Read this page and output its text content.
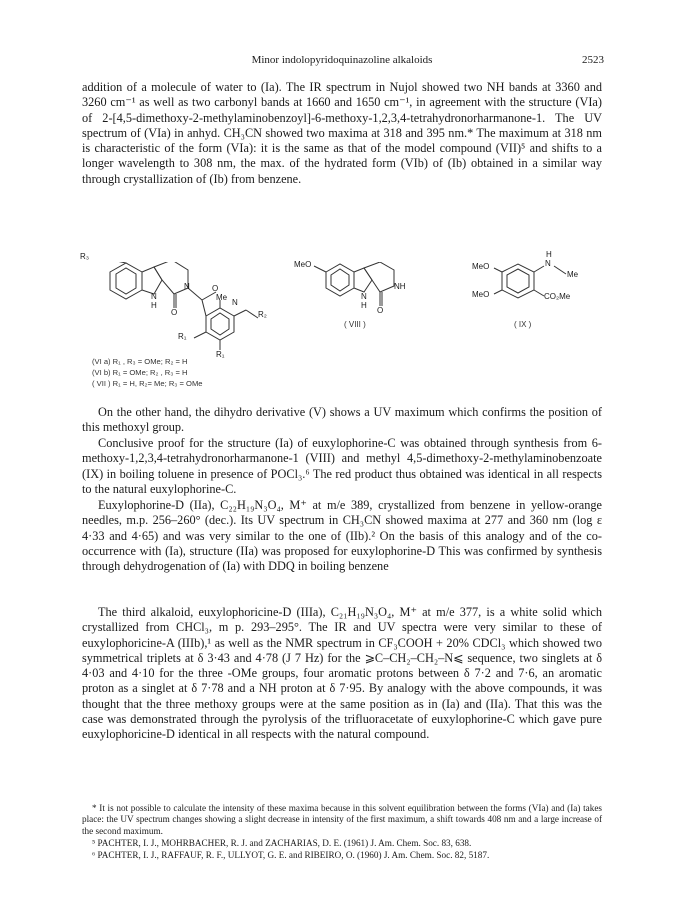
Minor indolopyridoquinazoline alkaloids	2523

addition of a molecule of water to (Ia). The IR spectrum in Nujol showed two NH bands at 3360 and 3260 cm⁻¹ as well as two carbonyl bands at 1660 and 1650 cm⁻¹, in agreement with the structure (VIa) of 2-[4,5-dimethoxy-2-methylaminobenzoyl]-6-methoxy-1,2,3,4-tetrahydronorharmanone-1. The UV spectrum of (VIa) in anhyd. CH₃CN showed two maxima at 318 and 395 nm.* The maximum at 318 nm is characteristic of the form (VIa): it is the same as that of the model compound (VII)⁵ and shifts to a longer wavelength to 308 nm, the max. of the hydrated form (VIb) of (Ib) obtained in a similar way through crystallization of (Ib) from benzene.

R₃
N	O
Me
N
H
O
N
R₂
R₁
R₁
MeO
NH
N
H
O
( VIII )
MeO
MeO
H
N
Me
CO₂Me
( IX )
(VI a) R₁ , R₃ = OMe; R₂ = H
(VI b) R₁ = OMe; R₂ , R₃ = H
( VII ) R₁ = H, R₂= Me; R₃ = OMe

On the other hand, the dihydro derivative (V) shows a UV maximum which confirms the position of this methoxyl group.

Conclusive proof for the structure (Ia) of euxylophorine-C was obtained through synthesis from 6-methoxy-1,2,3,4-tetrahydronorharmanone-1 (VIII) and methyl 4,5-dimethoxy-2-methylaminobenzoate (IX) in boiling toluene in presence of POCl₃.⁶ The red product thus obtained was identical in all respects to the natural euxylophorine-C.

Euxylophorine-D (IIa), C₂₂H₁₉N₃O₄, M⁺ at m/e 389, crystallized from benzene in yellow-orange needles, m.p. 256–260° (dec.). Its UV spectrum in CH₃CN showed maxima at 277 and 360 nm (log ε 4·33 and 4·65) and was very similar to the one of (IIb).² On the basis of this analogy and of the co-occurrence with (Ia), structure (IIa) was proposed for euxylophorine-D This was confirmed by synthesis through dehydrogenation of (Ia) with DDQ in boiling benzene

The third alkaloid, euxylophoricine-D (IIIa), C₂₁H₁₉N₃O₄, M⁺ at m/e 377, is a white solid which crystallized from CHCl₃, m p. 293–295°. The IR and UV spectra were very similar to these of euxylophoricine-A (IIIb),¹ as well as the NMR spectrum in CF₃COOH + 20% CDCl₃ which showed two symmetrical triplets at δ 3·43 and 4·78 (J 7 Hz) for the ⩾C–CH₂–CH₂–N⩽ sequence, two singlets at δ 4·03 and 4·10 for the three -OMe groups, four aromatic protons between δ 7·2 and 7·6, an aromatic proton as a singlet at δ 7·78 and a NH proton at δ 7·95. By analogy with the above compounds, it was thought that the three methoxy groups were at the same position as in (Ia) and (IIa). That this was the case was demonstrated through the pyrolysis of the trifluoracetate of euxylophorine-C which gave pure euxylophoricine-D identical in all respects with the natural compound.

* It is not possible to calculate the intensity of these maxima because in this solvent equilibration between the forms (VIa) and (Ia) takes place: the UV spectrum changes showing a slight decrease in intensity of the first maximum, a shift towards 408 nm and a large increase of the second maximum.

⁵ PACHTER, I. J., MOHRBACHER, R. J. and ZACHARIAS, D. E. (1961) J. Am. Chem. Soc. 83, 638.

⁶ PACHTER, I. J., RAFFAUF, R. F., ULLYOT, G. E. and RIBEIRO, O. (1960) J. Am. Chem. Soc. 82, 5187.
